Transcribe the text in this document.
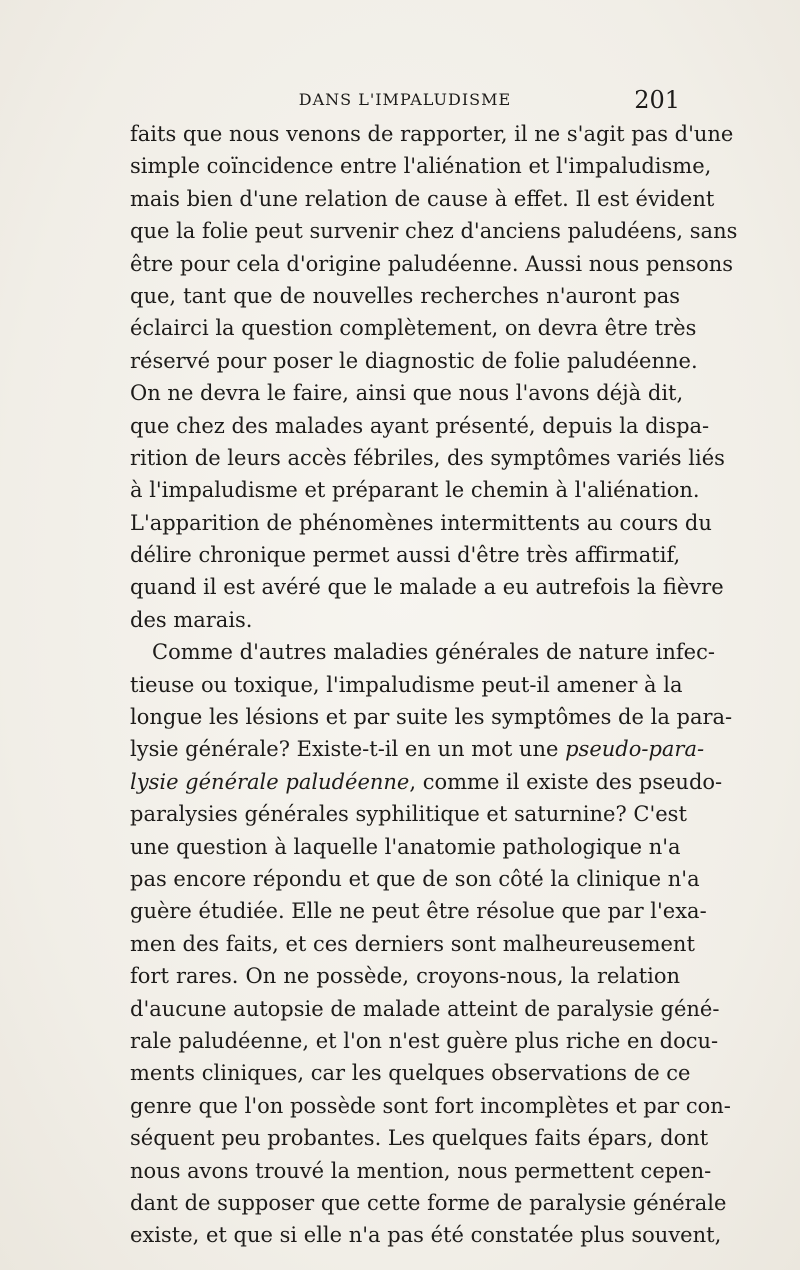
DANS L'IMPALUDISME	201
faits que nous venons de rapporter, il ne s'agit pas d'une
simple coïncidence entre l'aliénation et l'impaludisme,
mais bien d'une relation de cause à effet. Il est évident
que la folie peut survenir chez d'anciens paludéens, sans
être pour cela d'origine paludéenne. Aussi nous pensons
que, tant que de nouvelles recherches n'auront pas
éclairci la question complètement, on devra être très
réservé pour poser le diagnostic de folie paludéenne.
On ne devra le faire, ainsi que nous l'avons déjà dit,
que chez des malades ayant présenté, depuis la dispa-
rition de leurs accès fébriles, des symptômes variés liés
à l'impaludisme et préparant le chemin à l'aliénation.
L'apparition de phénomènes intermittents au cours du
délire chronique permet aussi d'être très affirmatif,
quand il est avéré que le malade a eu autrefois la fièvre
des marais.
Comme d'autres maladies générales de nature infec-
tieuse ou toxique, l'impaludisme peut-il amener à la
longue les lésions et par suite les symptômes de la para-
lysie générale? Existe-t-il en un mot une pseudo-para-
lysie générale paludéenne, comme il existe des pseudo-
paralysies générales syphilitique et saturnine? C'est
une question à laquelle l'anatomie pathologique n'a
pas encore répondu et que de son côté la clinique n'a
guère étudiée. Elle ne peut être résolue que par l'exa-
men des faits, et ces derniers sont malheureusement
fort rares. On ne possède, croyons-nous, la relation
d'aucune autopsie de malade atteint de paralysie géné-
rale paludéenne, et l'on n'est guère plus riche en docu-
ments cliniques, car les quelques observations de ce
genre que l'on possède sont fort incomplètes et par con-
séquent peu probantes. Les quelques faits épars, dont
nous avons trouvé la mention, nous permettent cepen-
dant de supposer que cette forme de paralysie générale
existe, et que si elle n'a pas été constatée plus souvent,
